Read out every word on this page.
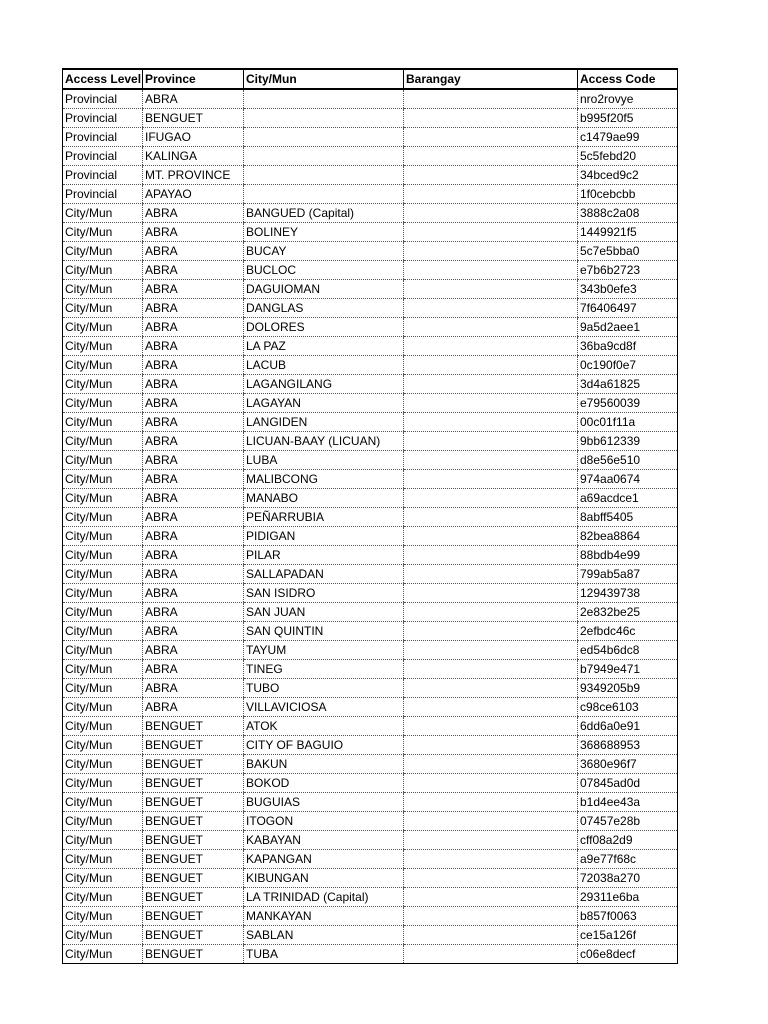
Access Level	Province	City/Mun	Barangay	Access Code
Provincial	ABRA			nro2rovye
Provincial	BENGUET			b995f20f5
Provincial	IFUGAO			c1479ae99
Provincial	KALINGA			5c5febd20
Provincial	MT. PROVINCE			34bced9c2
Provincial	APAYAO			1f0cebcbb
City/Mun	ABRA	BANGUED (Capital)		3888c2a08
City/Mun	ABRA	BOLINEY		1449921f5
City/Mun	ABRA	BUCAY		5c7e5bba0
City/Mun	ABRA	BUCLOC		e7b6b2723
City/Mun	ABRA	DAGUIOMAN		343b0efe3
City/Mun	ABRA	DANGLAS		7f6406497
City/Mun	ABRA	DOLORES		9a5d2aee1
City/Mun	ABRA	LA PAZ		36ba9cd8f
City/Mun	ABRA	LACUB		0c190f0e7
City/Mun	ABRA	LAGANGILANG		3d4a61825
City/Mun	ABRA	LAGAYAN		e79560039
City/Mun	ABRA	LANGIDEN		00c01f11a
City/Mun	ABRA	LICUAN-BAAY (LICUAN)		9bb612339
City/Mun	ABRA	LUBA		d8e56e510
City/Mun	ABRA	MALIBCONG		974aa0674
City/Mun	ABRA	MANABO		a69acdce1
City/Mun	ABRA	PEÑARRUBIA		8abff5405
City/Mun	ABRA	PIDIGAN		82bea8864
City/Mun	ABRA	PILAR		88bdb4e99
City/Mun	ABRA	SALLAPADAN		799ab5a87
City/Mun	ABRA	SAN ISIDRO		129439738
City/Mun	ABRA	SAN JUAN		2e832be25
City/Mun	ABRA	SAN QUINTIN		2efbdc46c
City/Mun	ABRA	TAYUM		ed54b6dc8
City/Mun	ABRA	TINEG		b7949e471
City/Mun	ABRA	TUBO		9349205b9
City/Mun	ABRA	VILLAVICIOSA		c98ce6103
City/Mun	BENGUET	ATOK		6dd6a0e91
City/Mun	BENGUET	CITY OF BAGUIO		368688953
City/Mun	BENGUET	BAKUN		3680e96f7
City/Mun	BENGUET	BOKOD		07845ad0d
City/Mun	BENGUET	BUGUIAS		b1d4ee43a
City/Mun	BENGUET	ITOGON		07457e28b
City/Mun	BENGUET	KABAYAN		cff08a2d9
City/Mun	BENGUET	KAPANGAN		a9e77f68c
City/Mun	BENGUET	KIBUNGAN		72038a270
City/Mun	BENGUET	LA TRINIDAD (Capital)		29311e6ba
City/Mun	BENGUET	MANKAYAN		b857f0063
City/Mun	BENGUET	SABLAN		ce15a126f
City/Mun	BENGUET	TUBA		c06e8decf
